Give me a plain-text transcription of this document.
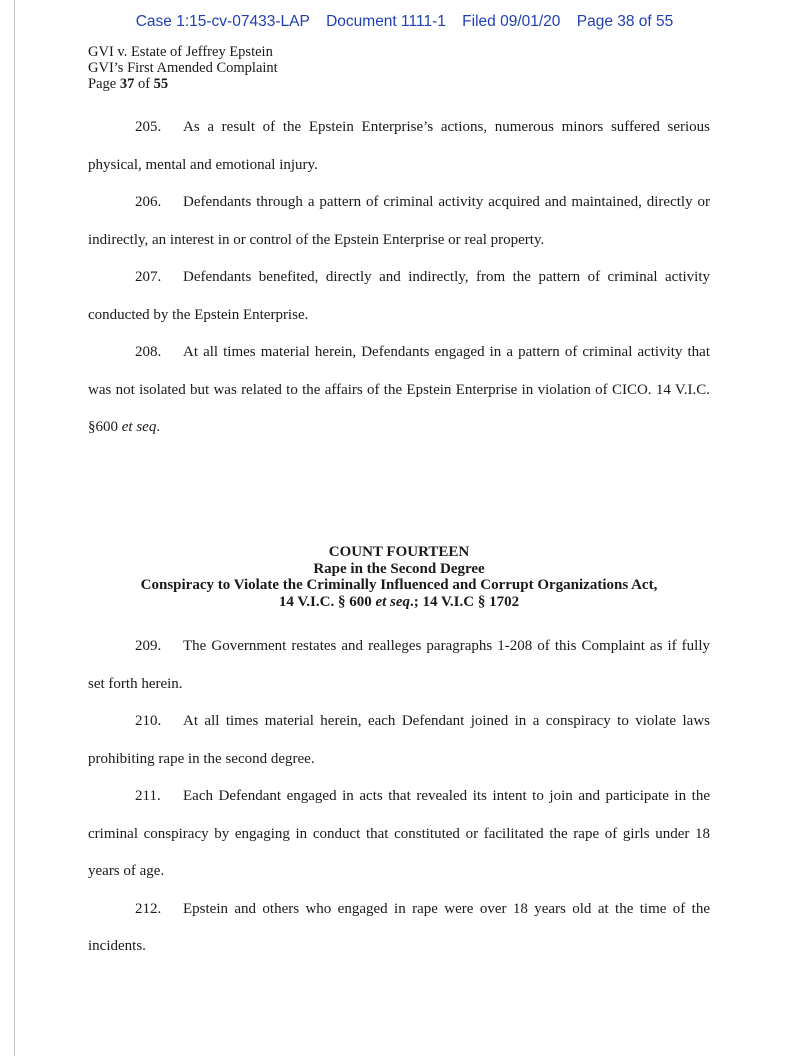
Case 1:15-cv-07433-LAP Document 1111-1 Filed 09/01/20 Page 38 of 55
GVI v. Estate of Jeffrey Epstein
GVI’s First Amended Complaint
Page 37 of 55

205. As a result of the Epstein Enterprise’s actions, numerous minors suffered serious physical, mental and emotional injury.

206. Defendants through a pattern of criminal activity acquired and maintained, directly or indirectly, an interest in or control of the Epstein Enterprise or real property.

207. Defendants benefited, directly and indirectly, from the pattern of criminal activity conducted by the Epstein Enterprise.

208. At all times material herein, Defendants engaged in a pattern of criminal activity that was not isolated but was related to the affairs of the Epstein Enterprise in violation of CICO. 14 V.I.C. §600 et seq.

COUNT FOURTEEN
Rape in the Second Degree
Conspiracy to Violate the Criminally Influenced and Corrupt Organizations Act,
14 V.I.C. § 600 et seq.; 14 V.I.C § 1702

209. The Government restates and realleges paragraphs 1-208 of this Complaint as if fully set forth herein.

210. At all times material herein, each Defendant joined in a conspiracy to violate laws prohibiting rape in the second degree.

211. Each Defendant engaged in acts that revealed its intent to join and participate in the criminal conspiracy by engaging in conduct that constituted or facilitated the rape of girls under 18 years of age.

212. Epstein and others who engaged in rape were over 18 years old at the time of the incidents.
